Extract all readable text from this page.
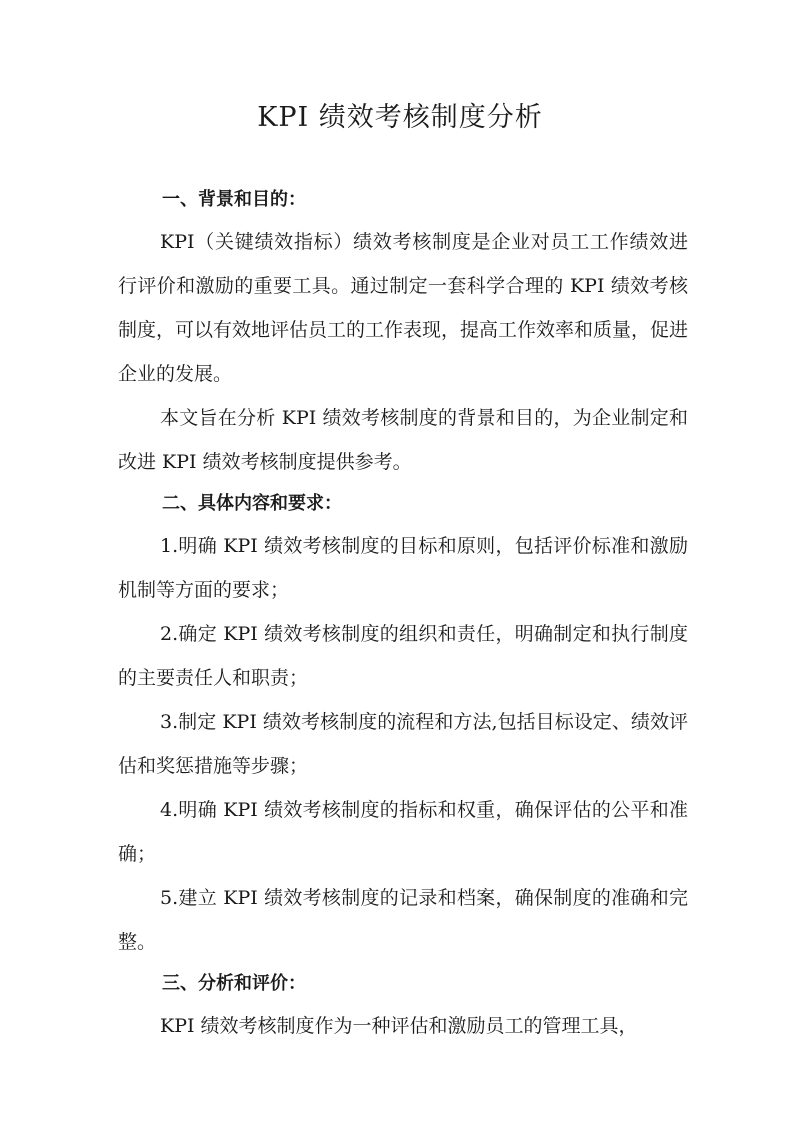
KPI 绩效考核制度分析
一、背景和目的：

KPI（关键绩效指标）绩效考核制度是企业对员工工作绩效进行评价和激励的重要工具。通过制定一套科学合理的 KPI 绩效考核制度，可以有效地评估员工的工作表现，提高工作效率和质量，促进企业的发展。

本文旨在分析 KPI 绩效考核制度的背景和目的，为企业制定和改进 KPI 绩效考核制度提供参考。

二、具体内容和要求：

1.明确 KPI 绩效考核制度的目标和原则，包括评价标准和激励机制等方面的要求；

2.确定 KPI 绩效考核制度的组织和责任，明确制定和执行制度的主要责任人和职责；

3.制定 KPI 绩效考核制度的流程和方法,包括目标设定、绩效评估和奖惩措施等步骤；

4.明确 KPI 绩效考核制度的指标和权重，确保评估的公平和准确；

5.建立 KPI 绩效考核制度的记录和档案，确保制度的准确和完整。

三、分析和评价：

KPI 绩效考核制度作为一种评估和激励员工的管理工具，
